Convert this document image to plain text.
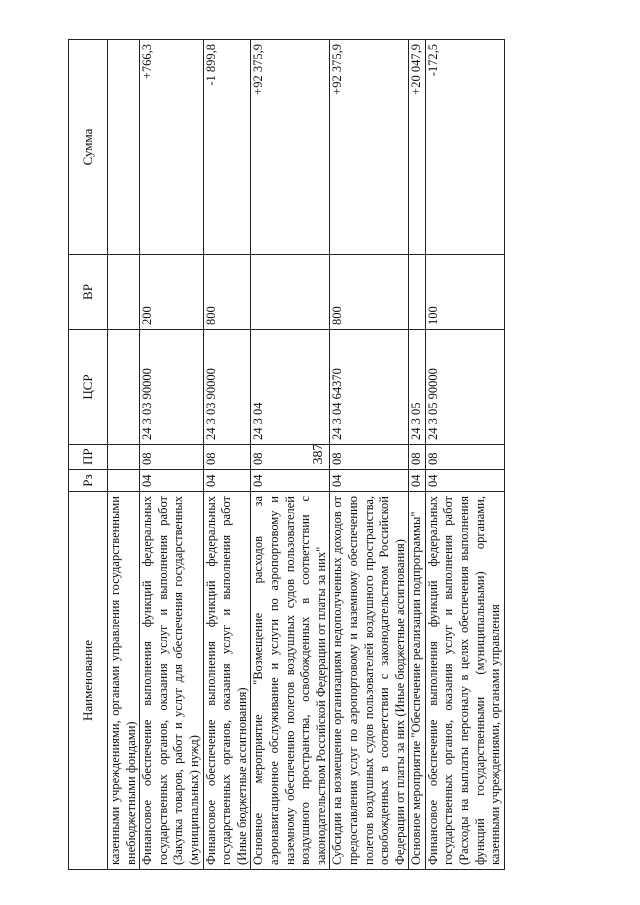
387
Наименование	Рз	ПР	ЦСР	ВР	Сумма
казенными учреждениями, органами управления государственными внебюджетными фондами)					
Финансовое обеспечение выполнения функций федеральных государственных органов, оказания услуг и выполнения работ (Закупка товаров, работ и услуг для обеспечения государственных (муниципальных) нужд)	04	08	24 3 03 90000	200	+766,3
Финансовое обеспечение выполнения функций федеральных государственных органов, оказания услуг и выполнения работ (Иные бюджетные ассигнования)	04	08	24 3 03 90000	800	-1 899,8
Основное мероприятие "Возмещение расходов за аэронавигационное обслуживание и услуги по аэропортовому и наземному обеспечению полетов воздушных судов пользователей воздушного пространства, освобожденных в соответствии с законодательством Российской Федерации от платы за них"	04	08	24 3 04		+92 375,9
Субсидии на возмещение организациям недополученных доходов от предоставления услуг по аэропортовому и наземному обеспечению полетов воздушных судов пользователей воздушного пространства, освобожденных в соответствии с законодательством Российской Федерации от платы за них (Иные бюджетные ассигнования)	04	08	24 3 04 64370	800	+92 375,9
Основное мероприятие "Обеспечение реализации подпрограммы"	04	08	24 3 05		+20 047,9
Финансовое обеспечение выполнения функций федеральных государственных органов, оказания услуг и выполнения работ (Расходы на выплаты персоналу в целях обеспечения выполнения функций государственными (муниципальными) органами, казенными учреждениями, органами управления	04	08	24 3 05 90000	100	-172,5
